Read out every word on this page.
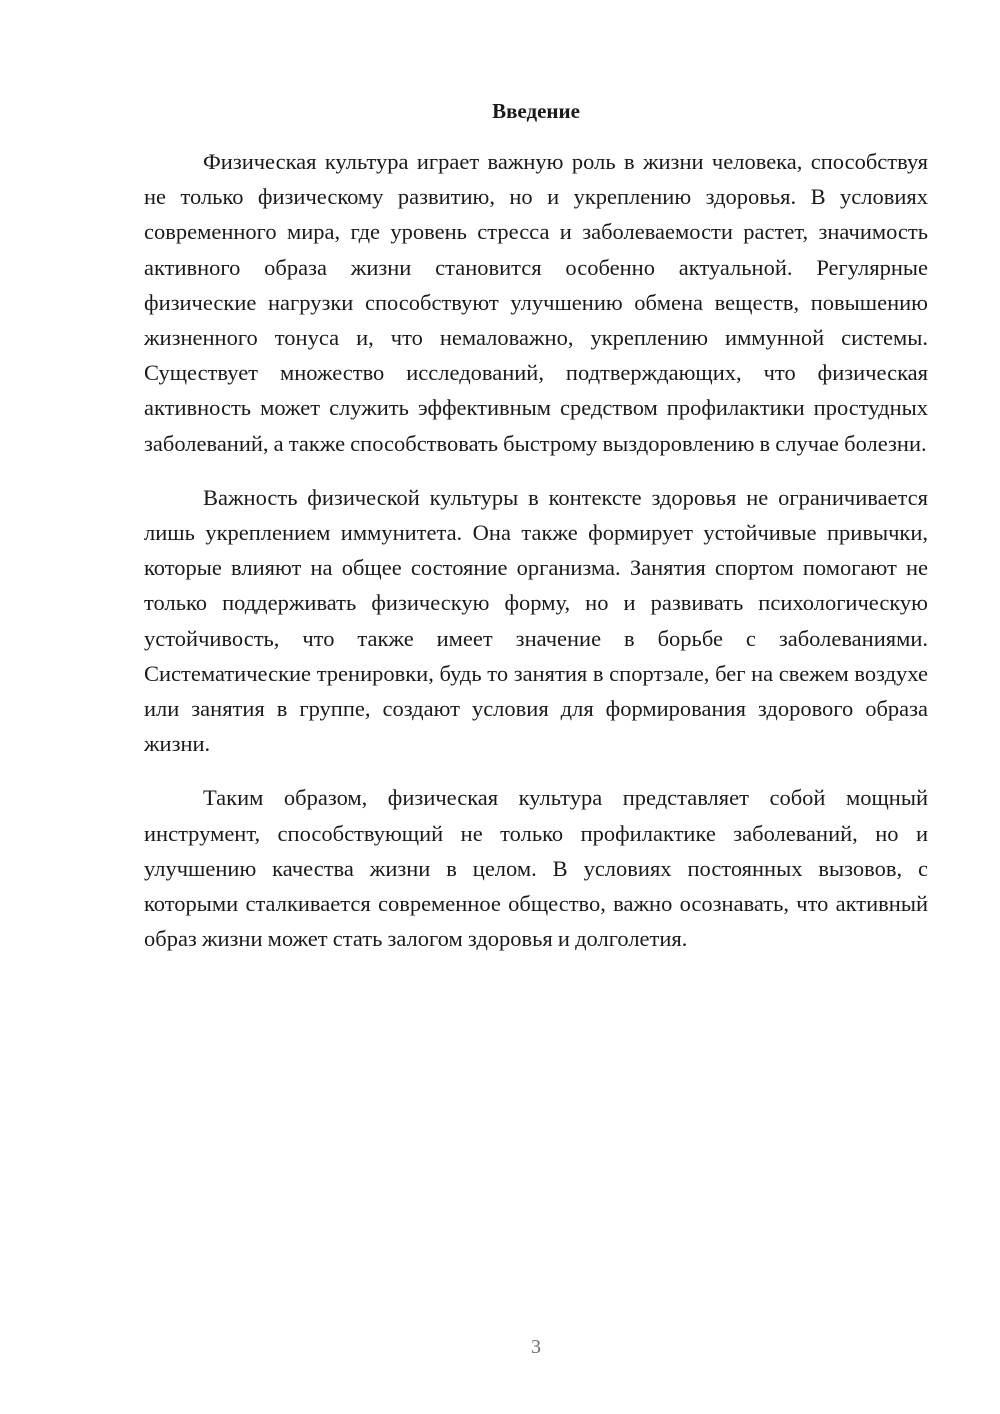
Введение

Физическая культура играет важную роль в жизни человека, способствуя не только физическому развитию, но и укреплению здоровья. В условиях современного мира, где уровень стресса и заболеваемости растет, значимость активного образа жизни становится особенно актуальной. Регулярные физические нагрузки способствуют улучшению обмена веществ, повышению жизненного тонуса и, что немаловажно, укреплению иммунной системы. Существует множество исследований, подтверждающих, что физическая активность может служить эффективным средством профилактики простудных заболеваний, а также способствовать быстрому выздоровлению в случае болезни.

Важность физической культуры в контексте здоровья не ограничивается лишь укреплением иммунитета. Она также формирует устойчивые привычки, которые влияют на общее состояние организма. Занятия спортом помогают не только поддерживать физическую форму, но и развивать психологическую устойчивость, что также имеет значение в борьбе с заболеваниями. Систематические тренировки, будь то занятия в спортзале, бег на свежем воздухе или занятия в группе, создают условия для формирования здорового образа жизни.

Таким образом, физическая культура представляет собой мощный инструмент, способствующий не только профилактике заболеваний, но и улучшению качества жизни в целом. В условиях постоянных вызовов, с которыми сталкивается современное общество, важно осознавать, что активный образ жизни может стать залогом здоровья и долголетия.

3
